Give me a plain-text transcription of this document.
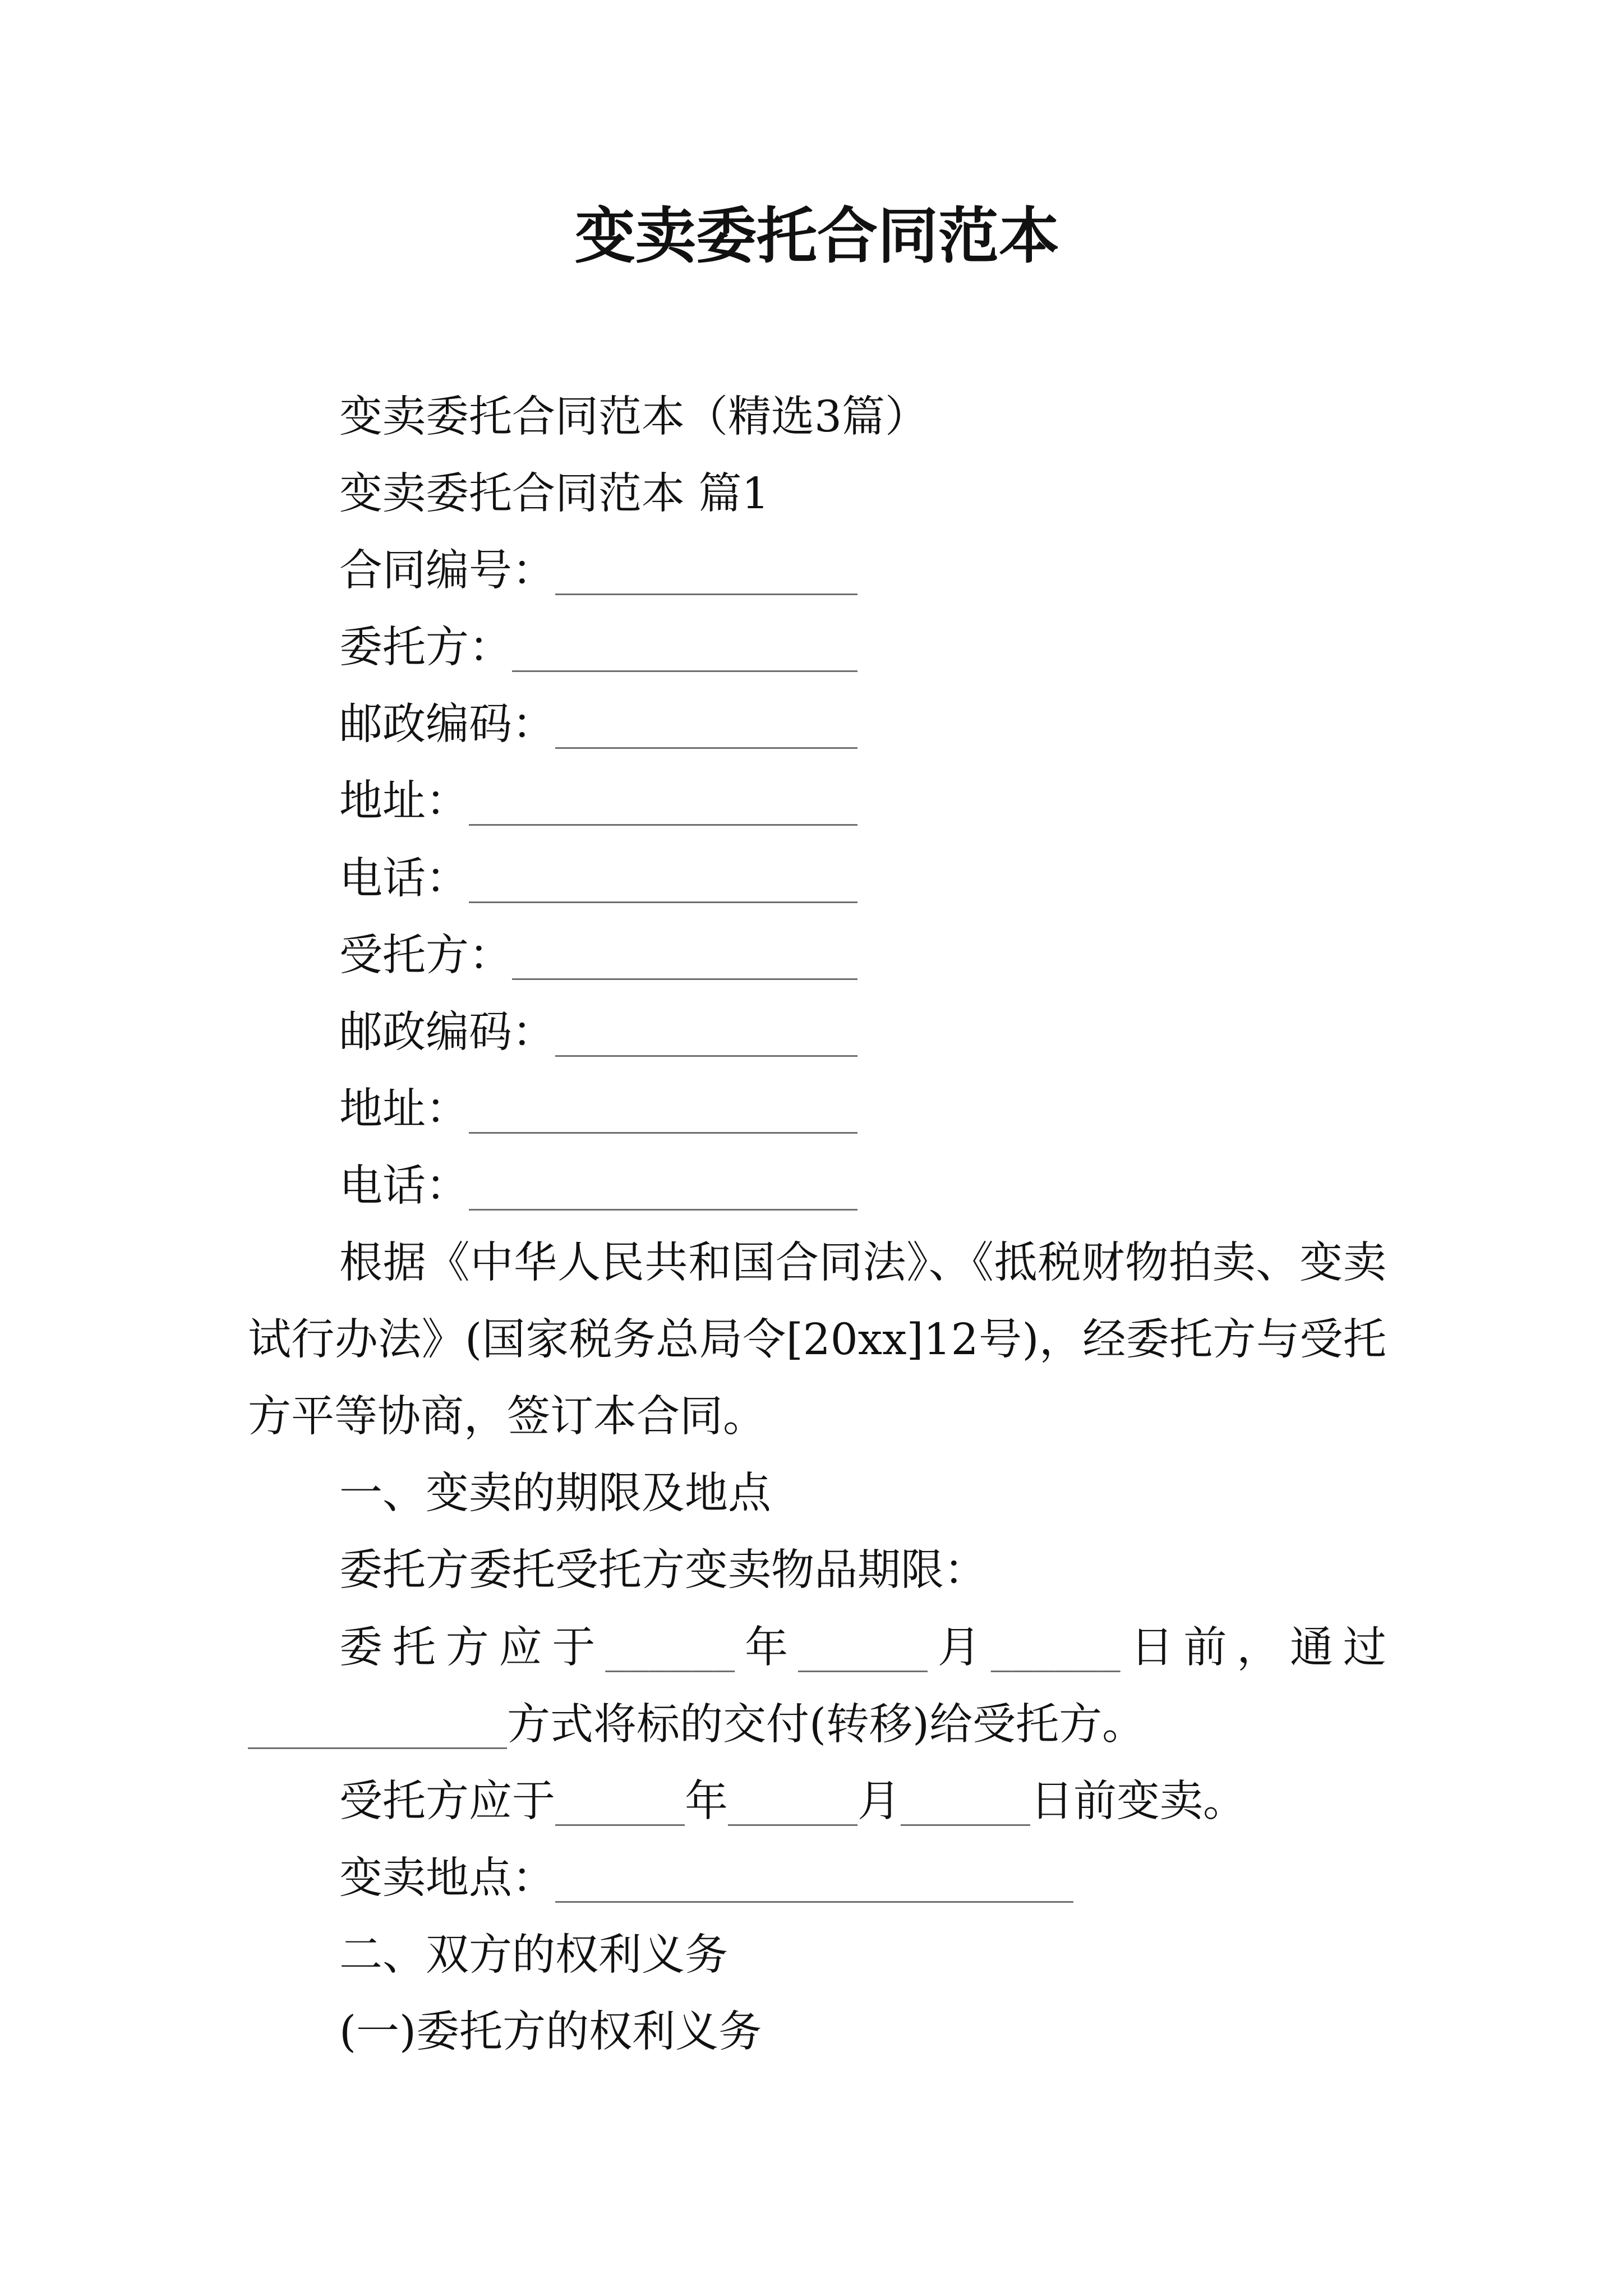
变卖委托合同范本
变卖委托合同范本（精选3篇）
变卖委托合同范本 篇1
合同编号：______________
委托方：________________
邮政编码：______________
地址：__________________
电话：__________________
受托方：________________
邮政编码：______________
地址：__________________
电话：__________________
根据《中华人民共和国合同法》、《抵税财物拍卖、变卖
试行办法》(国家税务总局令[20xx]12号)，经委托方与受托
方平等协商，签订本合同。
一、变卖的期限及地点
委托方委托受托方变卖物品期限：
委托方应于______年______月______日前，通过
____________方式将标的交付(转移)给受托方。
受托方应于______年______月______日前变卖。
变卖地点：________________________
二、双方的权利义务
(一)委托方的权利义务
